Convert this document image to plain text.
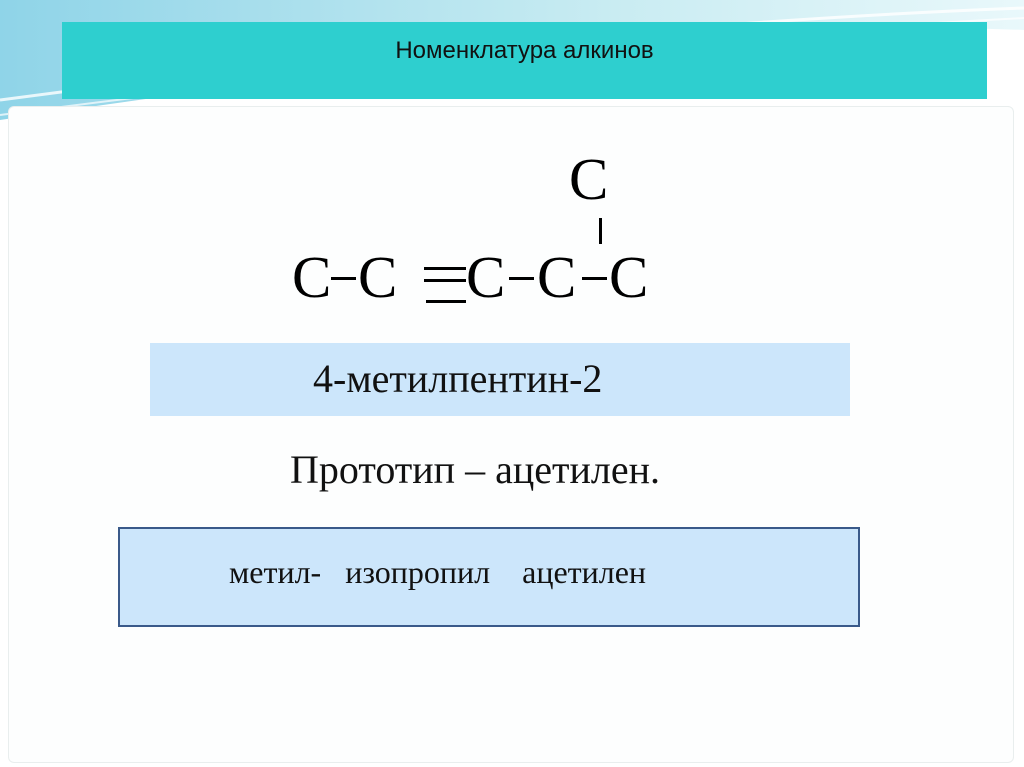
Номенклатура алкинов
C
C C C C C
4-метилпентин-2
Прототип – ацетилен.
метил- изопропил ацетилен
